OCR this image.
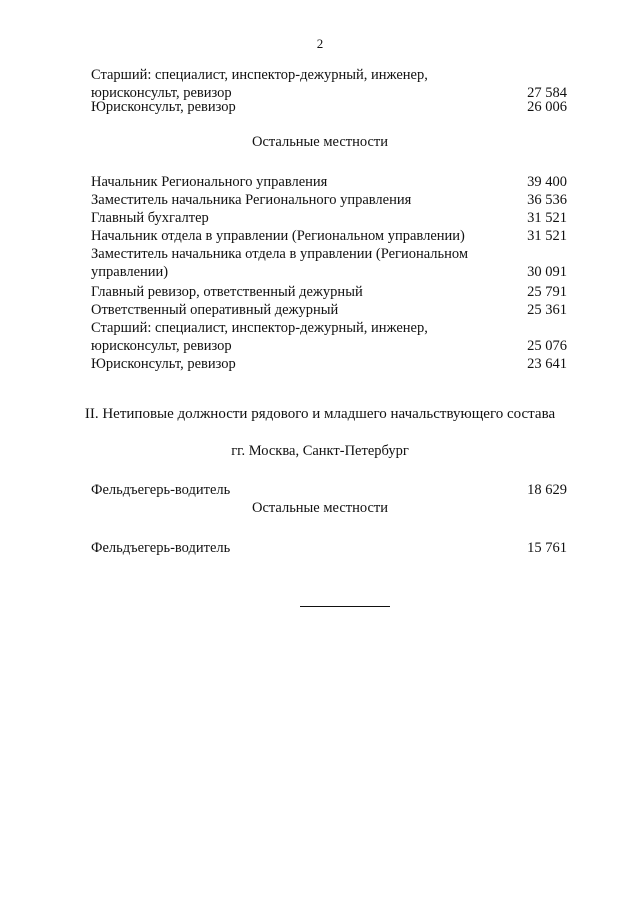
2
Старший: специалист, инспектор-дежурный, инженер, юрисконсульт, ревизор	27 584
Юрисконсульт, ревизор	26 006
Остальные местности
Начальник Регионального управления	39 400
Заместитель начальника Регионального управления	36 536
Главный бухгалтер	31 521
Начальник отдела в управлении (Региональном управлении)	31 521
Заместитель начальника отдела в управлении (Региональном управлении)	30 091
Главный ревизор, ответственный дежурный	25 791
Ответственный оперативный дежурный	25 361
Старший: специалист, инспектор-дежурный, инженер, юрисконсульт, ревизор	25 076
Юрисконсульт, ревизор	23 641
II. Нетиповые должности рядового и младшего начальствующего состава
гг. Москва, Санкт-Петербург
Фельдъегерь-водитель	18 629
Остальные местности
Фельдъегерь-водитель	15 761
